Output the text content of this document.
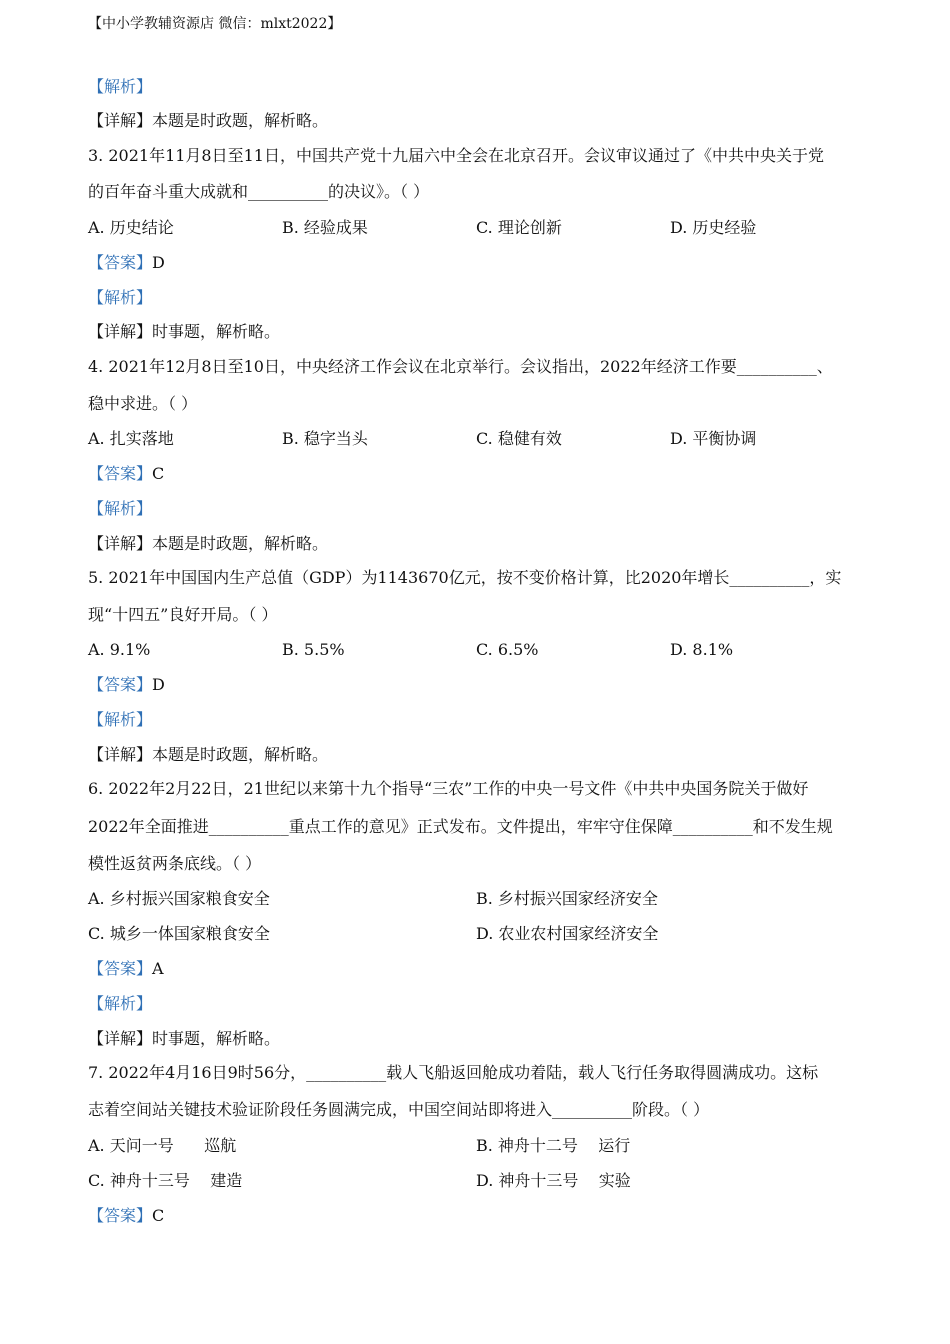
【中小学教辅资源店 微信：mlxt2022】
【解析】
【详解】本题是时政题，解析略。
3. 2021年11月8日至11日，中国共产党十九届六中全会在北京召开。会议审议通过了《中共中央关于党
的百年奋斗重大成就和__________的决议》。（ ）
A. 历史结论	B. 经验成果	C. 理论创新	D. 历史经验
【答案】D
【解析】
【详解】时事题，解析略。
4. 2021年12月8日至10日，中央经济工作会议在北京举行。会议指出，2022年经济工作要__________、
稳中求进。（ ）
A. 扎实落地	B. 稳字当头	C. 稳健有效	D. 平衡协调
【答案】C
【解析】
【详解】本题是时政题，解析略。
5. 2021年中国国内生产总值（GDP）为1143670亿元，按不变价格计算，比2020年增长__________，实
现“十四五”良好开局。（ ）
A. 9.1%	B. 5.5%	C. 6.5%	D. 8.1%
【答案】D
【解析】
【详解】本题是时政题，解析略。
6. 2022年2月22日，21世纪以来第十九个指导“三农”工作的中央一号文件《中共中央国务院关于做好
2022年全面推进__________重点工作的意见》正式发布。文件提出，牢牢守住保障__________和不发生规
模性返贫两条底线。（ ）
A. 乡村振兴国家粮食安全	B. 乡村振兴国家经济安全
C. 城乡一体国家粮食安全	D. 农业农村国家经济安全
【答案】A
【解析】
【详解】时事题，解析略。
7. 2022年4月16日9时56分，__________载人飞船返回舱成功着陆，载人飞行任务取得圆满成功。这标
志着空间站关键技术验证阶段任务圆满完成，中国空间站即将进入__________阶段。（ ）
A. 天问一号      巡航	B. 神舟十二号    运行
C. 神舟十三号    建造	D. 神舟十三号    实验
【答案】C
